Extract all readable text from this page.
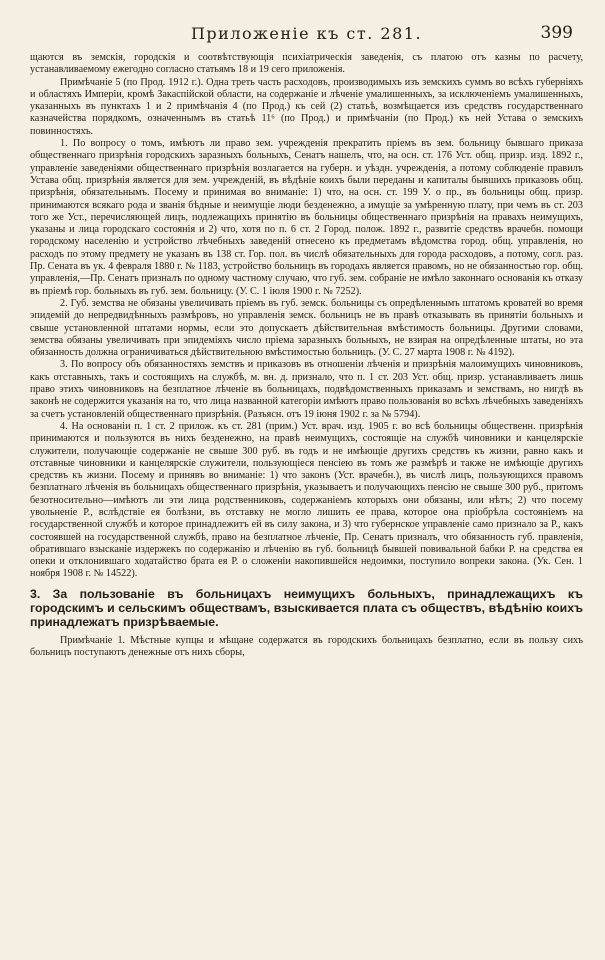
Приложеніе къ ст. 281.	399

щаются въ земскія, городскія и соотвѣтствующія психіатрическія заведенія, съ платою отъ казны по расчету, устанавливаемому ежегодно согласно статьямъ 18 и 19 сего приложенія.

Примѣчаніе 5 (по Прод. 1912 г.). Одна треть часть расходовъ, производимыхъ изъ земскихъ суммъ во всѣхъ губерніяхъ и областяхъ Имперіи, кромѣ Закаспійской области, на содержаніе и лѣченіе умалишенныхъ, за исключеніемъ умалишенныхъ, указанныхъ въ пунктахъ 1 и 2 примѣчанія 4 (по Прод.) къ сей (2) статьѣ, возмѣщается изъ средствъ государственнаго казначейства порядкомъ, означеннымъ въ статьѣ 11⁶ (по Прод.) и примѣчаніи (по Прод.) къ ней Устава о земскихъ повинностяхъ.

1. По вопросу о томъ, имѣютъ ли право зем. учрежденія прекратить пріемъ въ зем. больницу бывшаго приказа общественнаго призрѣнія городскихъ заразныхъ больныхъ, Сенатъ нашелъ, что, на осн. ст. 176 Уст. общ. призр. изд. 1892 г., управленіе заведеніями общественнаго призрѣнія возлагается на губерн. и уѣздн. учрежденія, а потому соблюденіе правилъ Устава общ. призрѣнія является для зем. учрежденій, въ вѣдѣніе коихъ были переданы и капиталы бывшихъ приказовъ общ. призрѣнія, обязательнымъ. Посему и принимая во вниманіе: 1) что, на осн. ст. 199 У. о пр., въ больницы общ. призр. принимаются всякаго рода и званія бѣдные и неимущіе люди безденежно, а имущіе за умѣренную плату, при чемъ въ ст. 203 того же Уст., перечисляющей лицъ, подлежащихъ принятію въ больницы общественнаго призрѣнія на правахъ неимущихъ, указаны и лица городскаго состоянія и 2) что, хотя по п. 6 ст. 2 Город. полож. 1892 г., развитіе средствъ врачебн. помощи городскому населенію и устройство лѣчебныхъ заведеній отнесено къ предметамъ вѣдомства город. общ. управленія, но расходъ по этому предмету не указанъ въ 138 ст. Гор. пол. въ числѣ обязательныхъ для города расходовъ, а потому, согл. раз. Пр. Сената въ ук. 4 февраля 1880 г. № 1183, устройство больницъ въ городахъ является правомъ, но не обязанностью гор. общ. управленія,—Пр. Сенатъ призналъ по одному частному случаю, что губ. зем. собраніе не имѣло законнаго основанія къ отказу въ пріемѣ гор. больныхъ въ губ. зем. больницу. (У. С. 1 іюля 1900 г. № 7252).

2. Губ. земства не обязаны увеличивать пріемъ въ губ. земск. больницы съ опредѣленнымъ штатомъ кроватей во время эпидемій до непредвидѣнныхъ размѣровъ, но управленія земск. больницъ не въ правѣ отказывать въ принятіи больныхъ и свыше установленной штатами нормы, если это допускаетъ дѣйствительная вмѣстимость больницы. Другими словами, земства обязаны увеличивать при эпидеміяхъ число пріема заразныхъ больныхъ, не взирая на опредѣленные штаты, но эта обязанность должна ограничиваться дѣйствительною вмѣстимостью больницъ. (У. С. 27 марта 1908 г. № 4192).

3. По вопросу объ обязанностяхъ земствъ и приказовъ въ отношеніи лѣченія и призрѣнія малоимущихъ чиновниковъ, какъ отставныхъ, такъ и состоящихъ на службѣ, м. вн. д. признало, что п. 1 ст. 203 Уст. общ. призр. устанавливаетъ лишь право этихъ чиновниковъ на безплатное лѣченіе въ больницахъ, подвѣдомственныхъ приказамъ и земствамъ, но нигдѣ въ законѣ не содержится указанія на то, что лица названной категоріи имѣютъ право пользованія во всѣхъ лѣчебныхъ заведеніяхъ за счетъ установленій общественнаго призрѣнія. (Разъясн. отъ 19 іюня 1902 г. за № 5794).

4. На основаніи п. 1 ст. 2 прилож. къ ст. 281 (прим.) Уст. врач. изд. 1905 г. во всѣ больницы общественн. призрѣнія принимаются и пользуются въ нихъ безденежно, на правѣ неимущихъ, состоящіе на службѣ чиновники и канцелярскіе служители, получающіе содержаніе не свыше 300 руб. въ годъ и не имѣющіе другихъ средствъ къ жизни, равно какъ и отставные чиновники и канцелярскіе служители, пользующіеся пенсіею въ томъ же размѣрѣ и также не имѣющіе другихъ средствъ къ жизни. Посему и принявъ во вниманіе: 1) что законъ (Уст. врачебн.), въ числѣ лицъ, пользующихся правомъ безплатнаго лѣченія въ больницахъ общественнаго призрѣнія, указываетъ и получающихъ пенсію не свыше 300 руб., притомъ безотносительно—имѣютъ ли эти лица родственниковъ, содержаніемъ которыхъ они обязаны, или нѣтъ; 2) что посему увольненіе Р., вслѣдствіе ея болѣзни, въ отставку не могло лишить ее права, которое она пріобрѣла состояніемъ на государственной службѣ и которое принадлежитъ ей въ силу закона, и 3) что губернское управленіе само признало за Р., какъ состоявшей на государственной службѣ, право на безплатное лѣченіе, Пр. Сенатъ призналъ, что обязанность губ. правленія, обратившаго взысканіе издержекъ по содержанію и лѣченію въ губ. больницѣ бывшей повивальной бабки Р. на средства ея опеки и отклонившаго ходатайство брата ея Р. о сложеніи накопившейся недоимки, поступило вопреки закона. (Ук. Сен. 1 ноября 1908 г. № 14522).

3. За пользованіе въ больницахъ неимущихъ больныхъ, принадлежащихъ къ городскимъ и сельскимъ обществамъ, взыскивается плата съ обществъ, вѣдѣнію коихъ принадлежатъ призрѣваемые.

Примѣчаніе 1. Мѣстные купцы и мѣщане содержатся въ городскихъ больницахъ безплатно, если въ пользу сихъ больницъ поступаютъ денежные отъ нихъ сборы,
